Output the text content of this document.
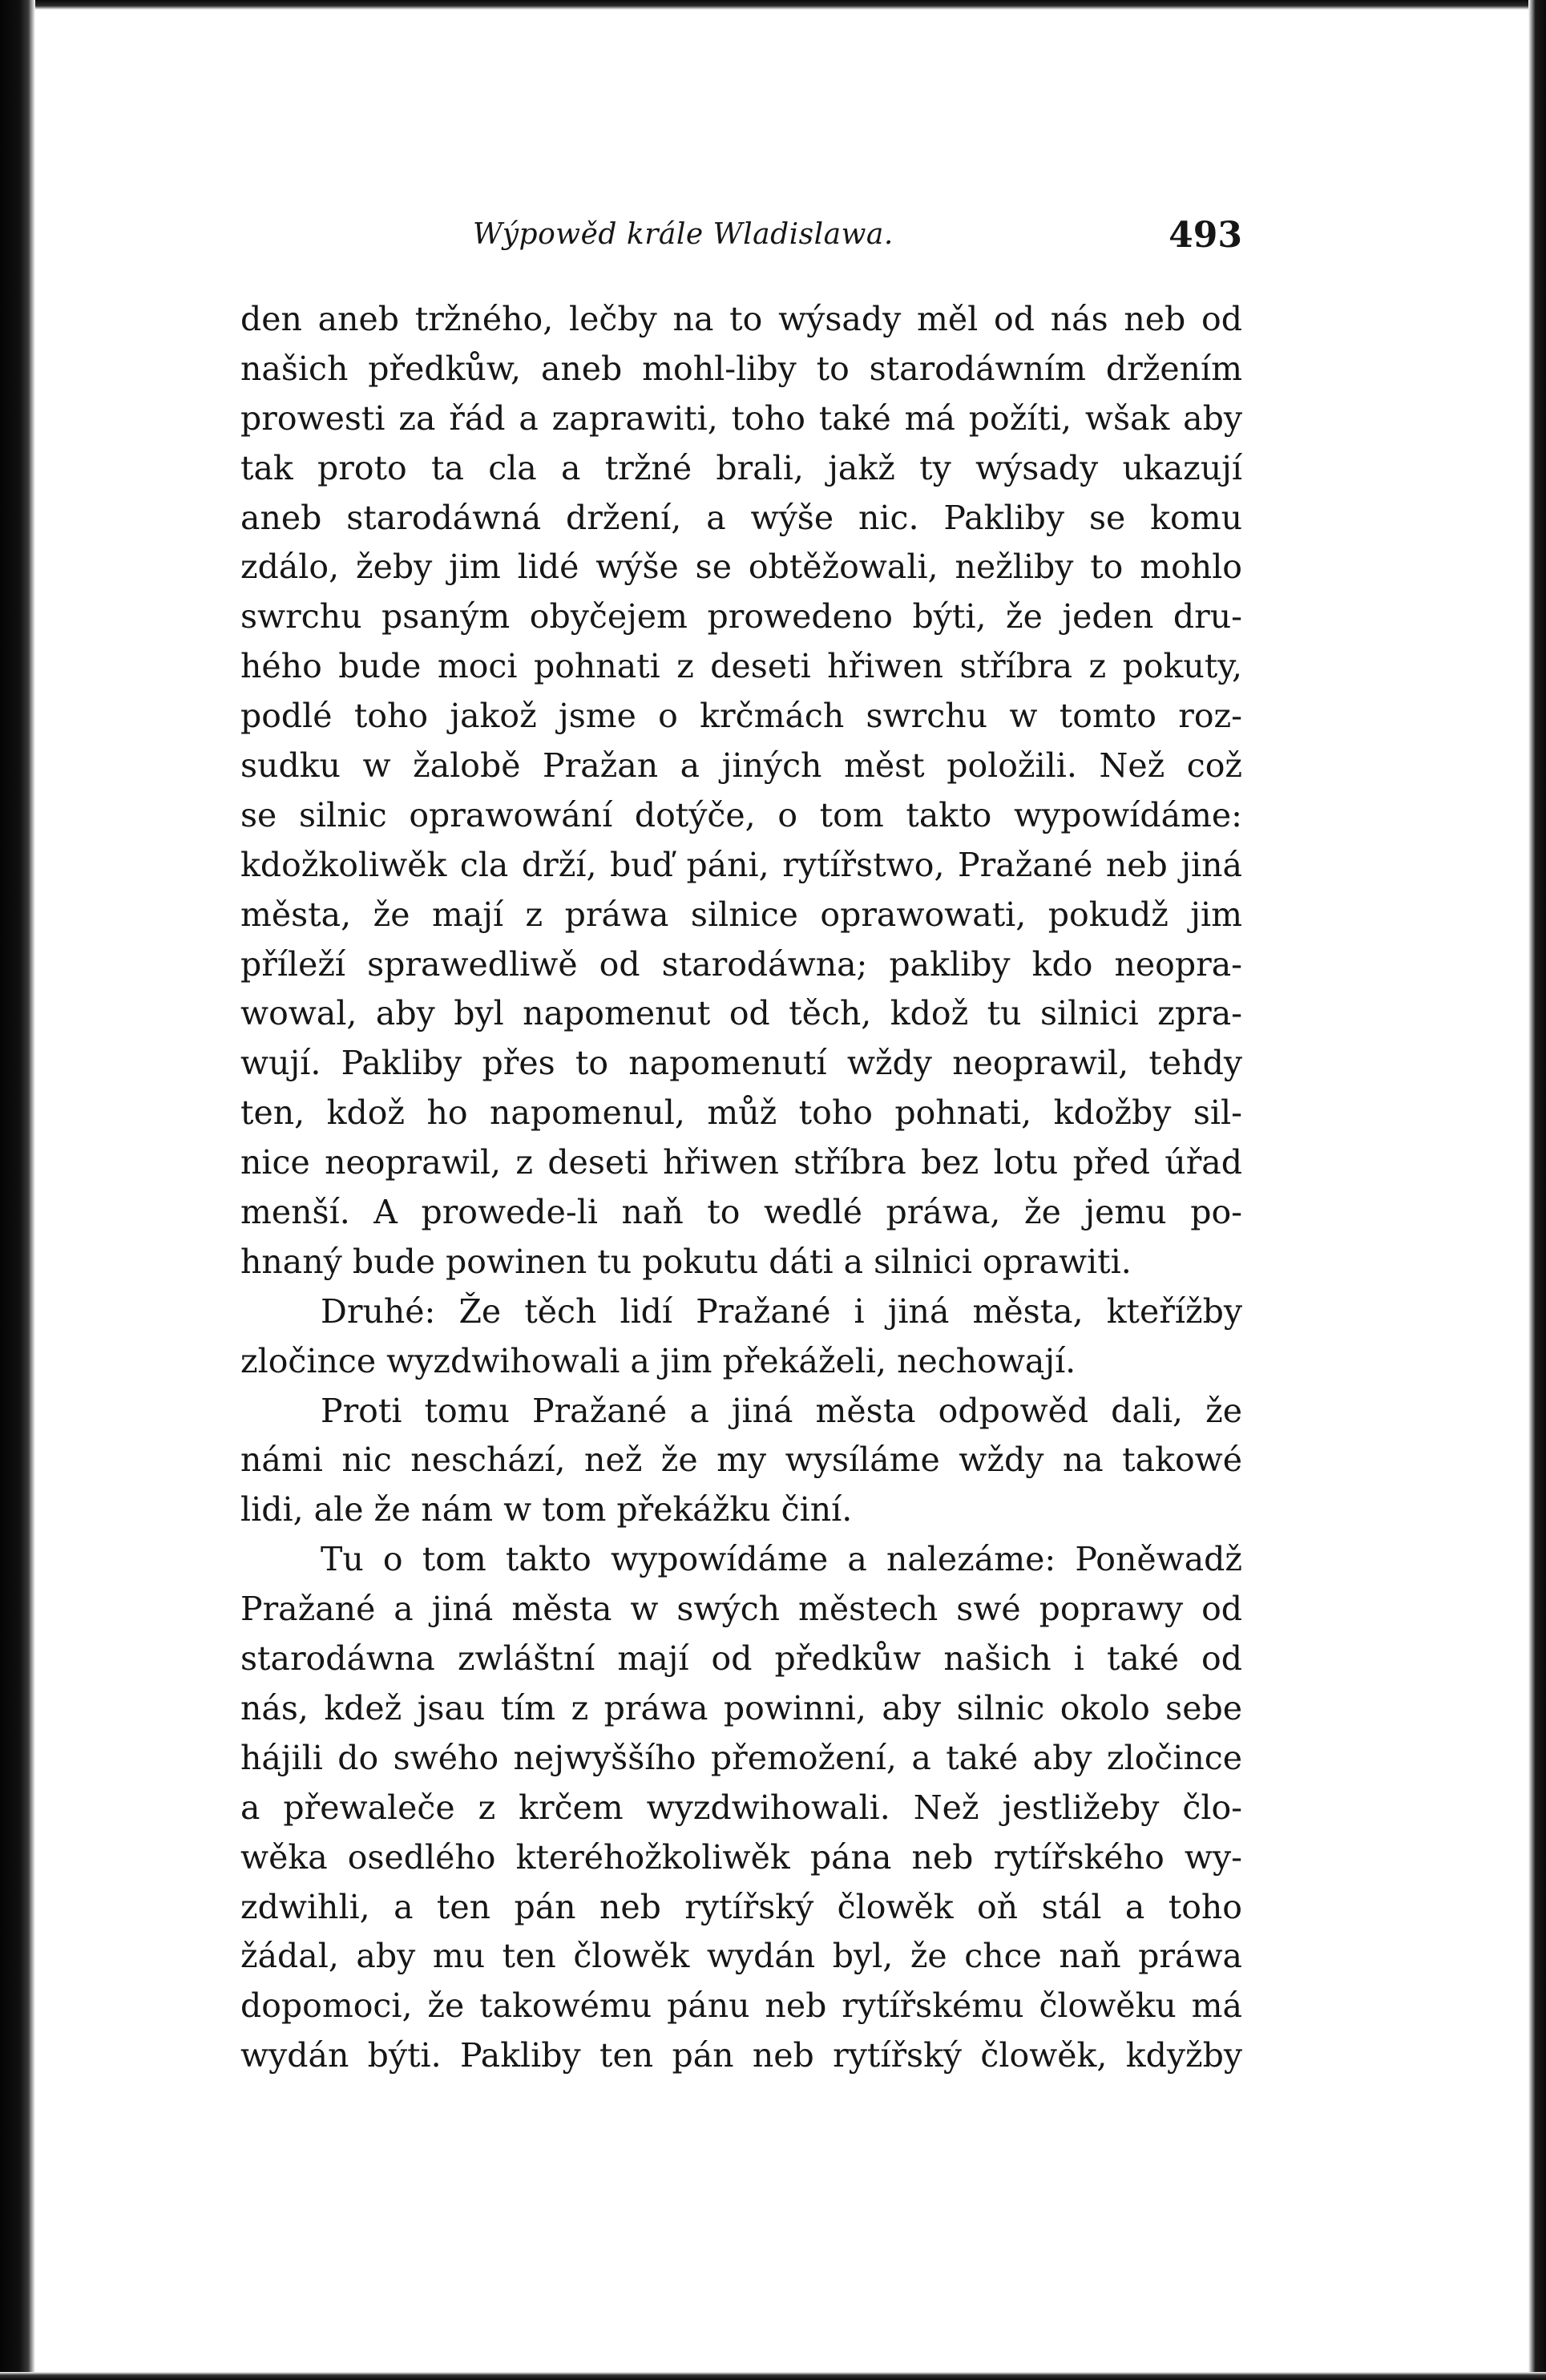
Wýpowěd krále Wladislawa.	493
den aneb tržného, lečby na to wýsady měl od nás neb od
našich předkůw, aneb mohl-liby to starodáwním držením
prowesti za řád a zaprawiti, toho také má požíti, wšak aby
tak proto ta cla a tržné brali, jakž ty wýsady ukazují
aneb starodáwná držení, a wýše nic. Pakliby se komu
zdálo, žeby jim lidé wýše se obtěžowali, nežliby to mohlo
swrchu psaným obyčejem prowedeno býti, že jeden dru-
hého bude moci pohnati z deseti hřiwen stříbra z pokuty,
podlé toho jakož jsme o krčmách swrchu w tomto roz-
sudku w žalobě Pražan a jiných měst položili. Než což
se silnic oprawowání dotýče, o tom takto wypowídáme:
kdožkoliwěk cla drží, buď páni, rytířstwo, Pražané neb jiná
města, že mají z práwa silnice oprawowati, pokudž jim
příleží sprawedliwě od starodáwna; pakliby kdo neopra-
wowal, aby byl napomenut od těch, kdož tu silnici zpra-
wují. Pakliby přes to napomenutí wždy neoprawil, tehdy
ten, kdož ho napomenul, můž toho pohnati, kdožby sil-
nice neoprawil, z deseti hřiwen stříbra bez lotu před úřad
menší. A prowede-li naň to wedlé práwa, že jemu po-
hnaný bude powinen tu pokutu dáti a silnici oprawiti.
Druhé: Že těch lidí Pražané i jiná města, kteřížby
zločince wyzdwihowali a jim překáželi, nechowají.
Proti tomu Pražané a jiná města odpowěd dali, že
námi nic neschází, než že my wysíláme wždy na takowé
lidi, ale že nám w tom překážku činí.
Tu o tom takto wypowídáme a nalezáme: Poněwadž
Pražané a jiná města w swých městech swé poprawy od
starodáwna zwláštní mají od předkůw našich i také od
nás, kdež jsau tím z práwa powinni, aby silnic okolo sebe
hájili do swého nejwyššího přemožení, a také aby zločince
a přewaleče z krčem wyzdwihowali. Než jestližeby člo-
wěka osedlého kteréhožkoliwěk pána neb rytířského wy-
zdwihli, a ten pán neb rytířský člowěk oň stál a toho
žádal, aby mu ten člowěk wydán byl, že chce naň práwa
dopomoci, že takowému pánu neb rytířskému člowěku má
wydán býti. Pakliby ten pán neb rytířský člowěk, kdyžby
